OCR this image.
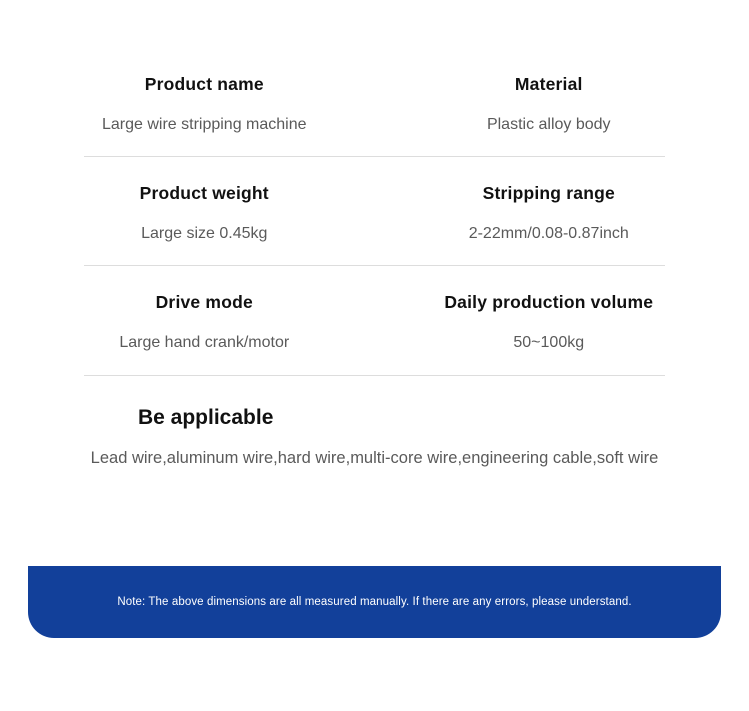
Product name	Material
Large wire stripping machine	Plastic alloy body
Product weight	Stripping range
Large size 0.45kg	2-22mm/0.08-0.87inch
Drive mode	Daily production volume
Large hand crank/motor	50~100kg
Be applicable
Lead wire,aluminum wire,hard wire,multi-core wire,engineering cable,soft wire
Note: The above dimensions are all measured manually. If there are any errors, please understand.
